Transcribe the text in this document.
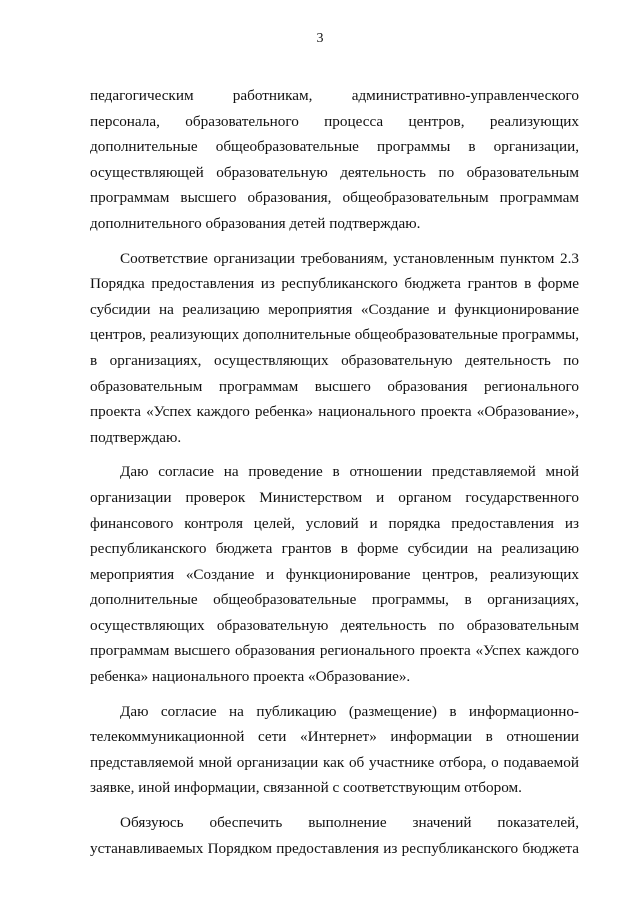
3

педагогическим работникам, административно-управленческого персонала, образовательного процесса центров, реализующих дополнительные общеобразовательные программы в организации, осуществляющей образовательную деятельность по образовательным программам высшего образования, общеобразовательным программам дополнительного образования детей подтверждаю.

Соответствие организации требованиям, установленным пунктом 2.3 Порядка предоставления из республиканского бюджета грантов в форме субсидии на реализацию мероприятия «Создание и функционирование центров, реализующих дополнительные общеобразовательные программы, в организациях, осуществляющих образовательную деятельность по образовательным программам высшего образования регионального проекта «Успех каждого ребенка» национального проекта «Образование», подтверждаю.

Даю согласие на проведение в отношении представляемой мной организации проверок Министерством и органом государственного финансового контроля целей, условий и порядка предоставления из республиканского бюджета грантов в форме субсидии на реализацию мероприятия «Создание и функционирование центров, реализующих дополнительные общеобразовательные программы, в организациях, осуществляющих образовательную деятельность по образовательным программам высшего образования регионального проекта «Успех каждого ребенка» национального проекта «Образование».

Даю согласие на публикацию (размещение) в информационно-телекоммуникационной сети «Интернет» информации в отношении представляемой мной организации как об участнике отбора, о подаваемой заявке, иной информации, связанной с соответствующим отбором.

Обязуюсь обеспечить выполнение значений показателей, устанавливаемых Порядком предоставления из республиканского бюджета
